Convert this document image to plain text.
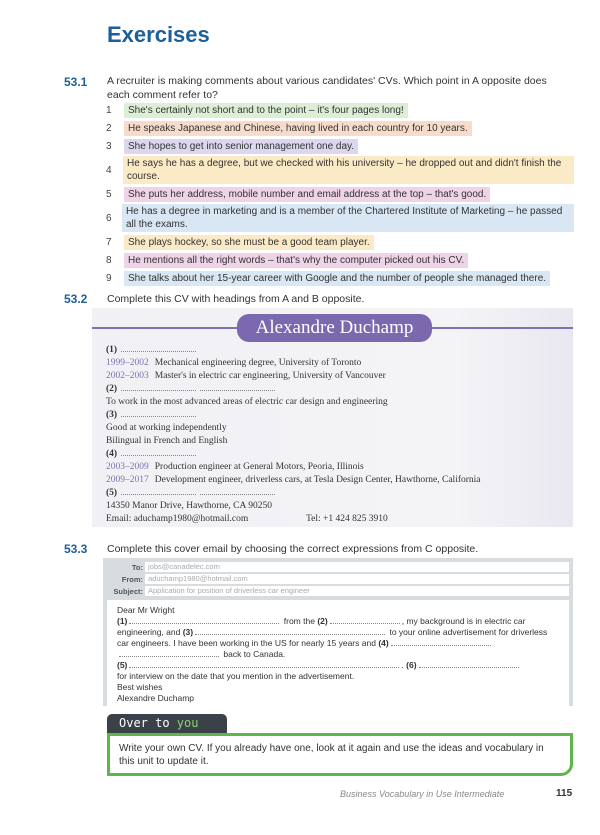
Exercises
53.1 A recruiter is making comments about various candidates' CVs. Which point in A opposite does each comment refer to?
1	She's certainly not short and to the point – it's four pages long!
2	He speaks Japanese and Chinese, having lived in each country for 10 years.
3	She hopes to get into senior management one day.
4
He says he has a degree, but we checked with his university – he dropped out and didn't finish the course.
5	She puts her address, mobile number and email address at the top – that's good.
6
He has a degree in marketing and is a member of the Chartered Institute of Marketing – he passed all the exams.
7	She plays hockey, so she must be a good team player.
8	He mentions all the right words – that's why the computer picked out his CV.
9	She talks about her 15-year career with Google and the number of people she managed there.
53.2 Complete this CV with headings from A and B opposite.
Alexandre Duchamp
(1)
1999–2002 Mechanical engineering degree, University of Toronto
2002–2003 Master's in electric car engineering, University of Vancouver
(2)
To work in the most advanced areas of electric car design and engineering
(3)
Good at working independently
Bilingual in French and English
(4)
2003–2009 Production engineer at General Motors, Peoria, Illinois
2009–2017 Development engineer, driverless cars, at Tesla Design Center, Hawthorne, California
(5)
14350 Manor Drive, Hawthorne, CA 90250
Email: aduchamp1980@hotmail.com	Tel: +1 424 825 3910
53.3 Complete this cover email by choosing the correct expressions from C opposite.
To: jobs@canadelec.com
From: aduchamp1980@hotmail.com
Subject: Application for position of driverless car engineer
Dear Mr Wright
(1)	from the (2)	, my background is in electric car engineering, and (3)	to your online advertisement for driverless car engineers. I have been working in the US for nearly 15 years and (4) back to Canada.
(5)	. (6)
for interview on the date that you mention in the advertisement.
Best wishes
Alexandre Duchamp
Over to you
Write your own CV. If you already have one, look at it again and use the ideas and vocabulary in this unit to update it.
Business Vocabulary in Use Intermediate	115
